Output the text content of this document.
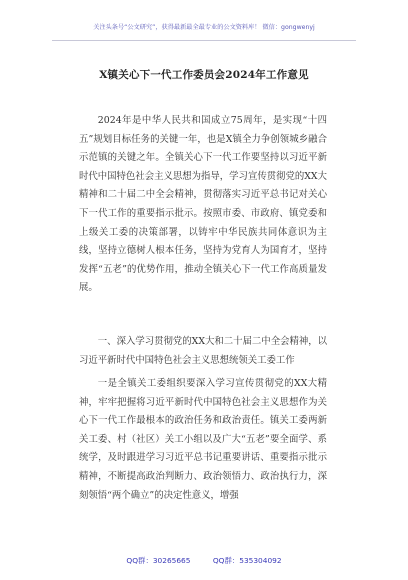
关注头条号“公文研究”，获得最新最全最专业的公文资料库！ 微信：gongwenyj
X镇关心下一代工作委员会2024年工作意见
2024年是中华人民共和国成立75周年，是实现“十四五”规划目标任务的关键一年，也是X镇全力争创领城乡融合示范镇的关键之年。全镇关心下一代工作要坚持以习近平新时代中国特色社会主义思想为指导，学习宣传贯彻党的XX大精神和二十届二中全会精神，贯彻落实习近平总书记对关心下一代工作的重要指示批示。按照市委、市政府、镇党委和上级关工委的决策部署，以铸牢中华民族共同体意识为主线，坚持立德树人根本任务，坚持为党育人为国育才，坚持发挥“五老”的优势作用，推动全镇关心下一代工作高质量发展。
一、深入学习贯彻党的XX大和二十届二中全会精神，以习近平新时代中国特色社会主义思想统领关工委工作
一是全镇关工委组织要深入学习宣传贯彻党的XX大精神，牢牢把握将习近平新时代中国特色社会主义思想作为关心下一代工作最根本的政治任务和政治责任。镇关工委两新关工委、村（社区）关工小组以及广大“五老”要全面学、系统学，及时跟进学习习近平总书记重要讲话、重要指示批示精神，不断提高政治判断力、政治领悟力、政治执行力，深刻领悟“两个确立”的决定性意义，增强
QQ群：30265665	QQ群：535304092
